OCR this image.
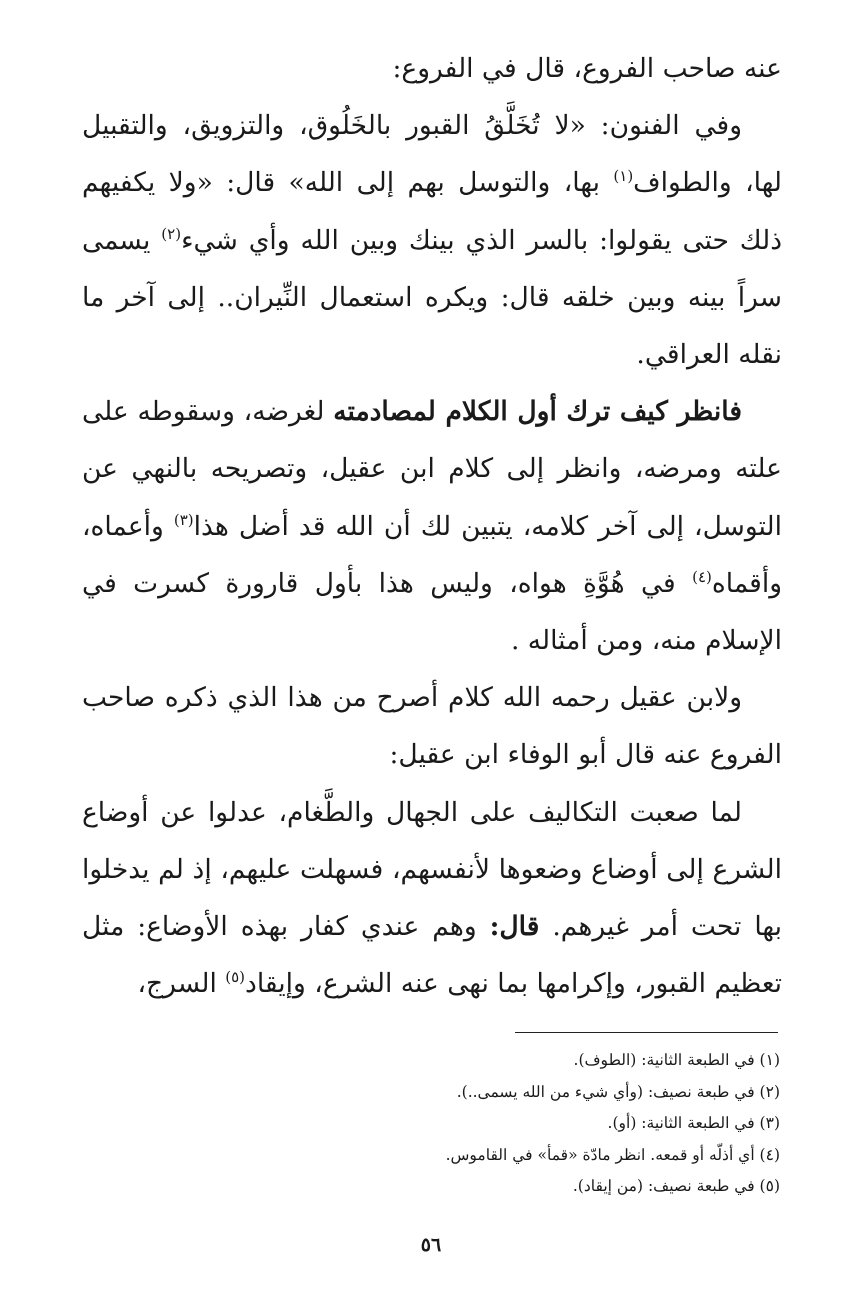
عنه صاحب الفروع، قال في الفروع:

وفي الفنون: «لا تُخَلَّقُ القبور بالخَلُوق، والتزويق، والتقبيل لها، والطواف$^{(١)}$ بها، والتوسل بهم إلى الله» قال: «ولا يكفيهم ذلك حتى يقولوا: بالسر الذي بينك وبين الله وأي شيء$^{(٢)}$ يسمى سراً بينه وبين خلقه قال: ويكره استعمال النِّيران.. إلى آخر ما نقله العراقي.

فانظر كيف ترك أول الكلام لمصادمته لغرضه، وسقوطه على علته ومرضه، وانظر إلى كلام ابن عقيل، وتصريحه بالنهي عن التوسل، إلى آخر كلامه، يتبين لك أن الله قد أضل هذا$^{(٣)}$ وأعماه، وأقماه$^{(٤)}$ في هُوَّةِ هواه، وليس هذا بأول قارورة كسرت في الإسلام منه، ومن أمثاله .

ولابن عقيل رحمه الله كلام أصرح من هذا الذي ذكره صاحب الفروع عنه قال أبو الوفاء ابن عقيل:

لما صعبت التكاليف على الجهال والطَّغام، عدلوا عن أوضاع الشرع إلى أوضاع وضعوها لأنفسهم، فسهلت عليهم، إذ لم يدخلوا بها تحت أمر غيرهم. قال: وهم عندي كفار بهذه الأوضاع: مثل تعظيم القبور، وإكرامها بما نهى عنه الشرع، وإيقاد$^{(٥)}$ السرج،

(١) في الطبعة الثانية: (الطوف).

(٢) في طبعة نصيف: (وأي شيء من الله يسمى..).

(٣) في الطبعة الثانية: (أو).

(٤) أي أذلّه أو قمعه. انظر مادّة «قمأ» في القاموس.

(٥) في طبعة نصيف: (من إيقاد).

٥٦
